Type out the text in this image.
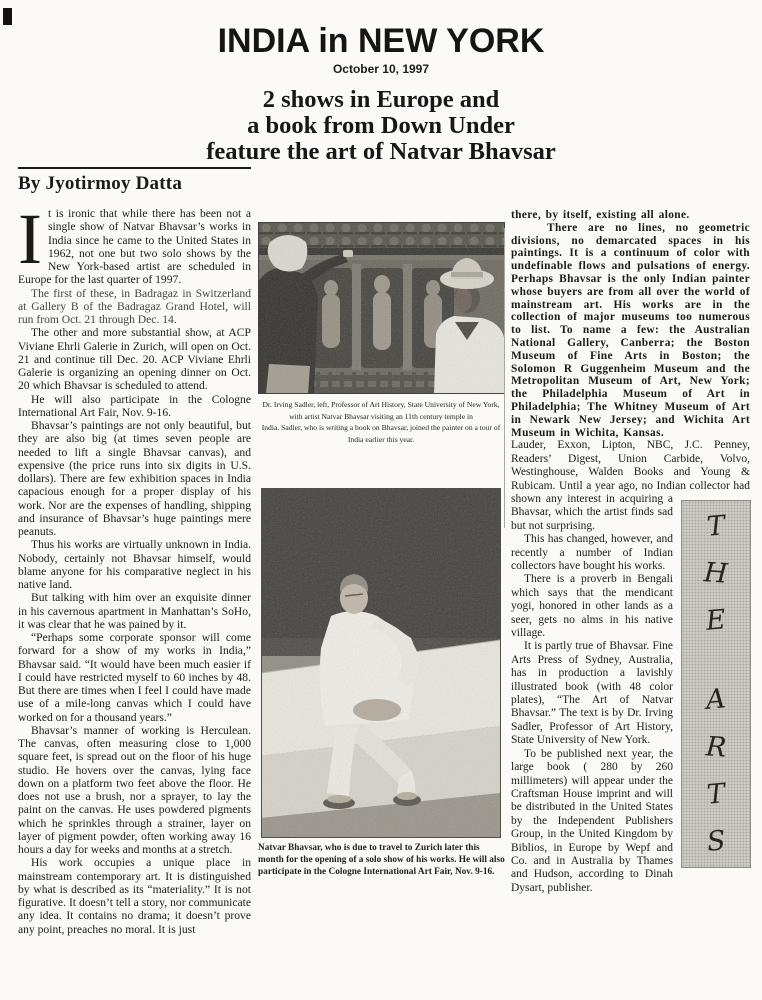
INDIA in NEW YORK
October 10, 1997
2 shows in Europe and
a book from Down Under
feature the art of Natvar Bhavsar
By Jyotirmoy Datta

It is ironic that while there has been not a single show of Natvar Bhavsar’s works in India since he came to the United States in 1962, not one but two solo shows by the New York-based artist are scheduled in Europe for the last quarter of 1997.

The first of these, in Badragaz in Switzerland at Gallery B of the Badragaz Grand Hotel, will run from Oct. 21 through Dec. 14.

The other and more substantial show, at ACP Viviane Ehrli Galerie in Zurich, will open on Oct. 21 and continue till Dec. 20. ACP Viviane Ehrli Galerie is organizing an opening dinner on Oct. 20 which Bhavsar is scheduled to attend.

He will also participate in the Cologne International Art Fair, Nov. 9-16.

Bhavsar’s paintings are not only beautiful, but they are also big (at times seven people are needed to lift a single Bhavsar canvas), and expensive (the price runs into six digits in U.S. dollars). There are few exhibition spaces in India capacious enough for a proper display of his work. Nor are the expenses of handling, shipping and insurance of Bhavsar’s huge paintings mere peanuts.

Thus his works are virtually unknown in India. Nobody, certainly not Bhavsar himself, would blame anyone for his comparative neglect in his native land.

But talking with him over an exquisite dinner in his cavernous apartment in Manhattan’s SoHo, it was clear that he was pained by it.

“Perhaps some corporate sponsor will come forward for a show of my works in India,” Bhavsar said. “It would have been much easier if I could have restricted myself to 60 inches by 48. But there are times when I feel I could have made use of a mile-long canvas which I could have worked on for a thousand years.”

Bhavsar’s manner of working is Herculean. The canvas, often measuring close to 1,000 square feet, is spread out on the floor of his huge studio. He hovers over the canvas, lying face down on a platform two feet above the floor. He does not use a brush, nor a sprayer, to lay the paint on the canvas. He uses powdered pigments which he sprinkles through a strainer, layer on layer of pigment powder, often working away 16 hours a day for weeks and months at a stretch.

His work occupies a unique place in mainstream contemporary art. It is distinguished by what is described as its “materiality.” It is not figurative. It doesn’t tell a story, nor communicate any idea. It contains no drama; it doesn’t prove any point, preaches no moral. It is just

Dr. Irving Sadler, left, Professor of Art History, State University of New York,
with artist Natvar Bhavsar visiting an 11th century temple in
India. Sadler, who is writing a book on Bhavsar, joined the painter on a tour of India earlier this year.
Natvar Bhavsar, who is due to travel to Zurich later this month for the opening of a solo show of his works. He will also participate in the Cologne International Art Fair, Nov. 9-16.
T
H
E
A
R
T
S

there, by itself, existing all alone.

There are no lines, no geometric divisions, no demarcated spaces in his paintings. It is a continuum of color with undefinable flows and pulsations of energy. Perhaps Bhavsar is the only Indian painter whose buyers are from all over the world of mainstream art. His works are in the collection of major museums too numerous to list. To name a few: the Australian National Gallery, Canberra; the Boston Museum of Fine Arts in Boston; the Solomon R Guggenheim Museum and the Metropolitan Museum of Art, New York; the Philadelphia Museum of Art in Philadelphia; The Whitney Museum of Art in Newark New Jersey; and Wichita Art Museum in Wichita, Kansas.

Lauder, Exxon, Lipton, NBC, J.C. Penney, Readers’ Digest, Union Carbide, Volvo, Westinghouse, Walden Books and Young & Rubicam. Until a year ago, no Indian collector had shown any interest in acquiring a Bhavsar, which the artist finds sad but not surprising.

This has changed, however, and recently a number of Indian collectors have bought his works.

There is a proverb in Bengali which says that the mendicant yogi, honored in other lands as a seer, gets no alms in his native village.

It is partly true of Bhavsar. Fine Arts Press of Sydney, Australia, has in production a lavishly illustrated book (with 48 color plates), “The Art of Natvar Bhavsar.” The text is by Dr. Irving Sadler, Professor of Art History, State University of New York.

To be published next year, the large book ( 280 by 260 millimeters) will appear under the Craftsman House imprint and will be distributed in the United States by the Independent Publishers Group, in the United Kingdom by Biblios, in Europe by Wepf and Co. and in Australia by Thames and Hudson, according to Dinah Dysart, publisher.
